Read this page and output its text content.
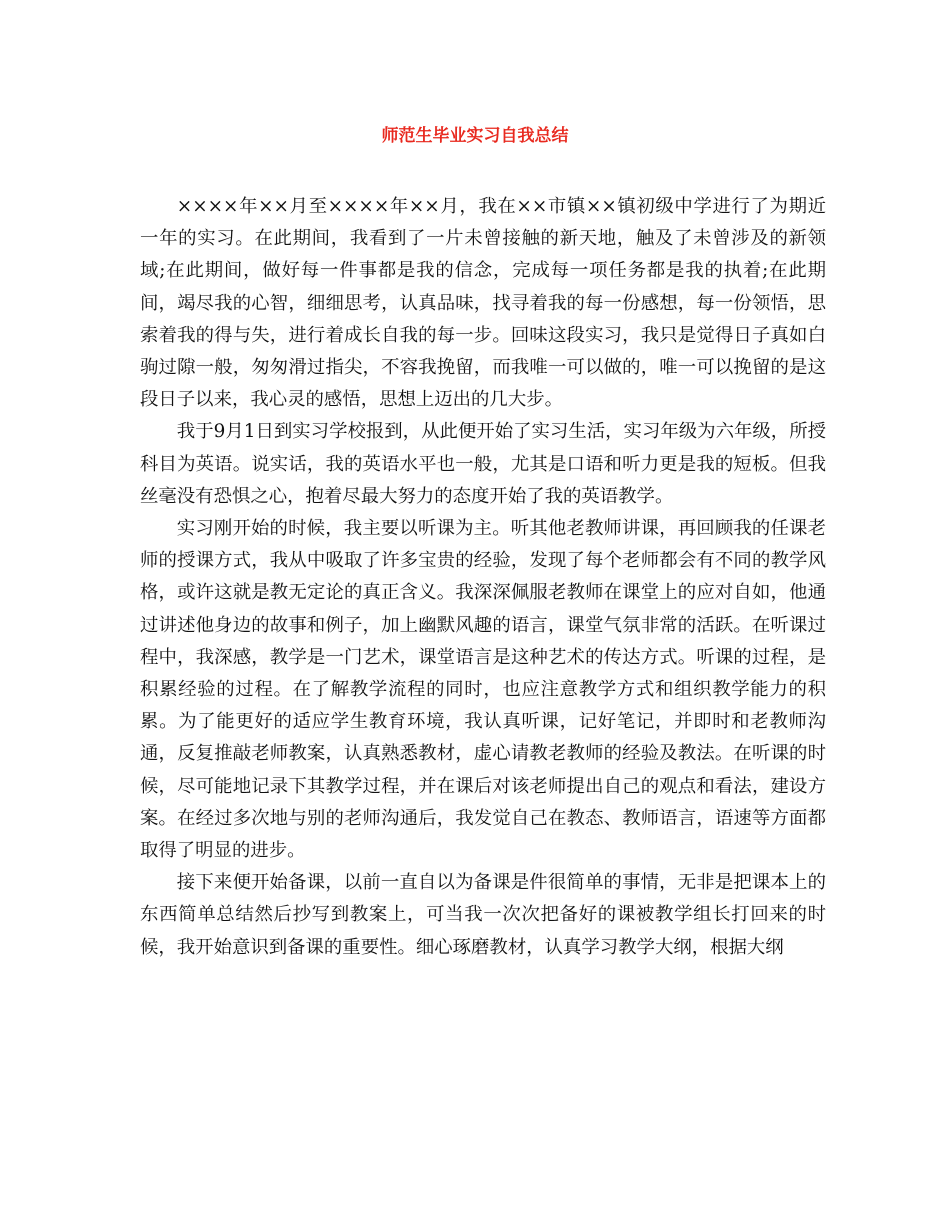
师范生毕业实习自我总结

××××年××月至××××年××月，我在××市镇××镇初级中学进行了为期近一年的实习。在此期间，我看到了一片未曾接触的新天地，触及了未曾涉及的新领域;在此期间，做好每一件事都是我的信念，完成每一项任务都是我的执着;在此期间，竭尽我的心智，细细思考，认真品味，找寻着我的每一份感想，每一份领悟，思索着我的得与失，进行着成长自我的每一步。回味这段实习，我只是觉得日子真如白驹过隙一般，匆匆滑过指尖，不容我挽留，而我唯一可以做的，唯一可以挽留的是这段日子以来，我心灵的感悟，思想上迈出的几大步。

我于9月1日到实习学校报到，从此便开始了实习生活，实习年级为六年级，所授科目为英语。说实话，我的英语水平也一般，尤其是口语和听力更是我的短板。但我丝毫没有恐惧之心，抱着尽最大努力的态度开始了我的英语教学。

实习刚开始的时候，我主要以听课为主。听其他老教师讲课，再回顾我的任课老师的授课方式，我从中吸取了许多宝贵的经验，发现了每个老师都会有不同的教学风格，或许这就是教无定论的真正含义。我深深佩服老教师在课堂上的应对自如，他通过讲述他身边的故事和例子，加上幽默风趣的语言，课堂气氛非常的活跃。在听课过程中，我深感，教学是一门艺术，课堂语言是这种艺术的传达方式。听课的过程，是积累经验的过程。在了解教学流程的同时，也应注意教学方式和组织教学能力的积累。为了能更好的适应学生教育环境，我认真听课，记好笔记，并即时和老教师沟通，反复推敲老师教案，认真熟悉教材，虚心请教老教师的经验及教法。在听课的时候，尽可能地记录下其教学过程，并在课后对该老师提出自己的观点和看法，建设方案。在经过多次地与别的老师沟通后，我发觉自己在教态、教师语言，语速等方面都取得了明显的进步。

接下来便开始备课，以前一直自以为备课是件很简单的事情，无非是把课本上的东西简单总结然后抄写到教案上，可当我一次次把备好的课被教学组长打回来的时候，我开始意识到备课的重要性。细心琢磨教材，认真学习教学大纲，根据大纲
